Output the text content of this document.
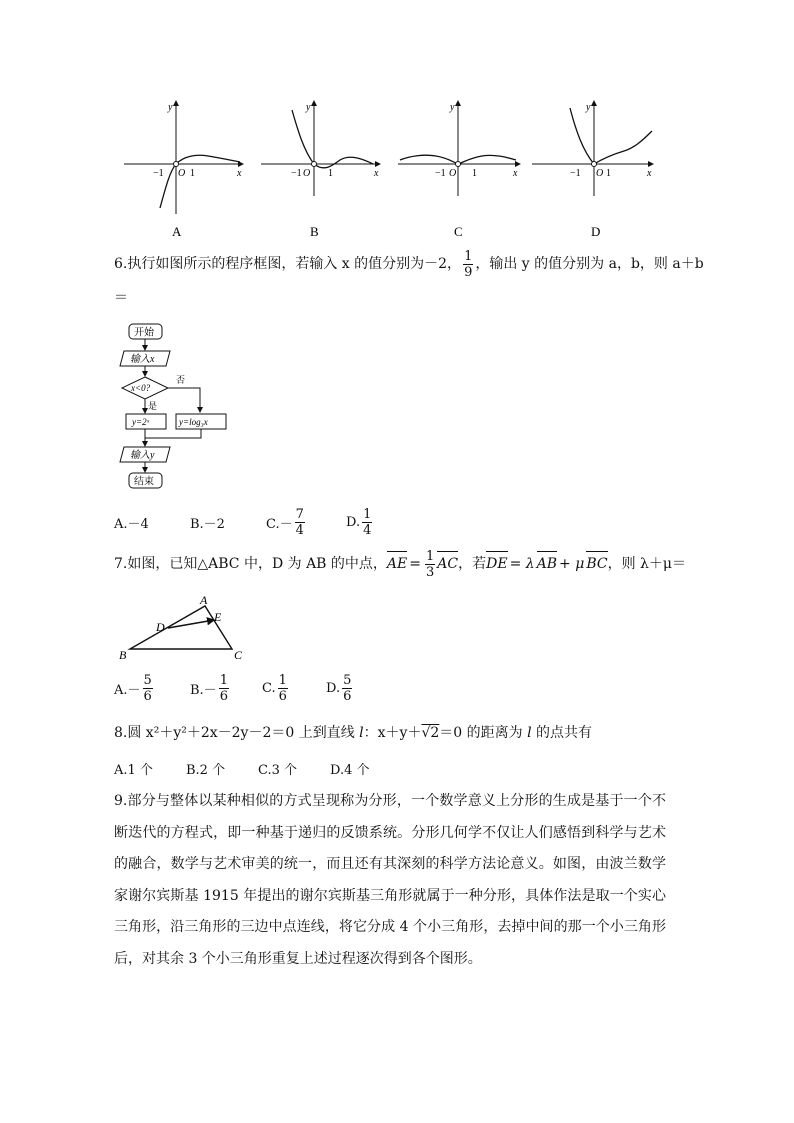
y
x
−1 O 1
A
y
x
−1 O 1
B
y
x
−1 O 1
C
y
x
−1 O 1
D
6.执行如图所示的程序框图，若输入 x 的值分别为－2， $\frac{1}{9}$ ，输出 y 的值分别为 a，b，则 a＋b
＝
开始
输入x
x<0?
否
是
y=2ˣ	y=log₃x
输入y
结束
A.－4	B.－2	$C.- \frac{7}{4}$	D. $\frac{1}{4}$
7.如图，已知△ABC 中，D 为 AB 的中点， AE = $\frac{1}{3}$ AC ，若 DE = λ AB + μ BC ，则 λ＋μ＝
B
A
C
D
E
$A.- \frac{5}{6}$	$B.- \frac{1}{6}$	C. $\frac{1}{6}$	D. $\frac{5}{6}$
8.圆 x²＋y²＋2x－2y－2＝0 上到直线 l：x＋y＋√2＝0 的距离为 l 的点共有
A.1 个	B.2 个	C.3 个	D.4 个
9.部分与整体以某种相似的方式呈现称为分形，一个数学意义上分形的生成是基于一个不断迭代的方程式，即一种基于递归的反馈系统。分形几何学不仅让人们感悟到科学与艺术的融合，数学与艺术审美的统一，而且还有其深刻的科学方法论意义。如图，由波兰数学家谢尔宾斯基 1915 年提出的谢尔宾斯基三角形就属于一种分形，具体作法是取一个实心三角形，沿三角形的三边中点连线，将它分成 4 个小三角形，去掉中间的那一个小三角形后，对其余 3 个小三角形重复上述过程逐次得到各个图形。
